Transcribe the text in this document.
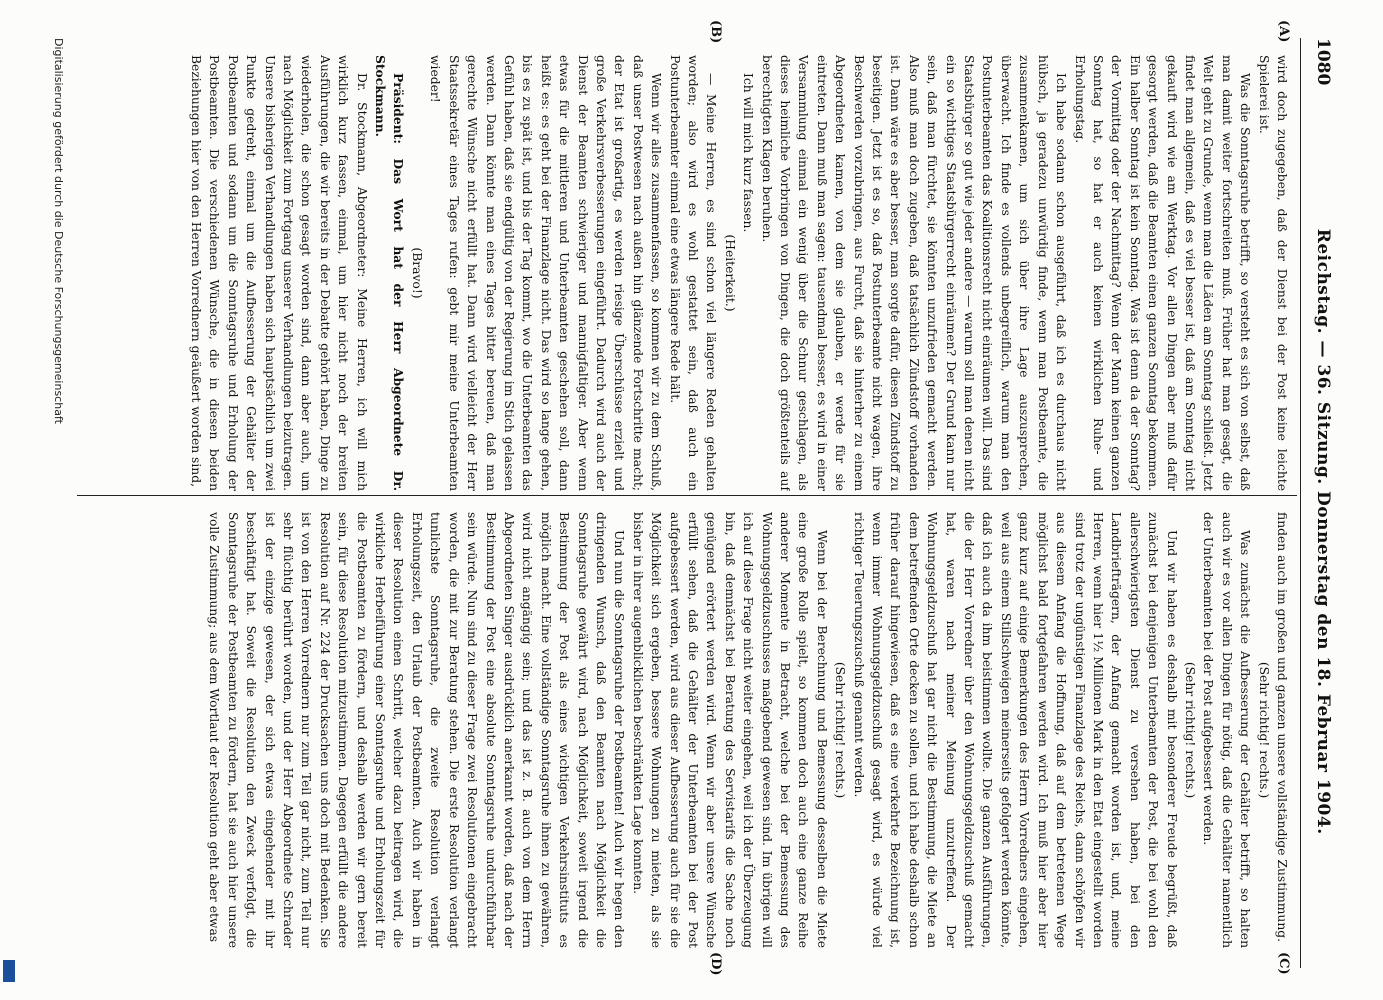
1080
Reichstag. — 36. Sitzung. Donnerstag den 18. Februar 1904.
(A)
(B)
(C)
(D)

wird doch zugegeben, daß der Dienst bei der Post keine leichte Spielerei ist.

Was die Sonntagsruhe betrifft, so versteht es sich von selbst, daß man damit weiter fortschreiten muß. Früher hat man gesagt, die Welt geht zu Grunde, wenn man die Läden am Sonntag schließt. Jetzt findet man allgemein, daß es viel besser ist, daß am Sonntag nicht gekauft wird wie am Werktag. Vor allen Dingen aber muß dafür gesorgt werden, daß die Beamten einen ganzen Sonntag bekommen. Ein halber Sonntag ist kein Sonntag. Was ist denn da der Sonntag? der Vormittag oder der Nachmittag? Wenn der Mann keinen ganzen Sonntag hat, so hat er auch keinen wirklichen Ruhe- und Erholungstag.

Ich habe sodann schon ausgeführt, daß ich es durchaus nicht hübsch, ja geradezu unwürdig finde, wenn man Postbeamte, die zusammenkamen, um sich über ihre Lage auszusprechen, überwacht. Ich finde es vollends unbegreiflich, warum man den Postunterbeamten das Koalitionsrecht nicht einräumen will. Das sind Staatsbürger so gut wie jeder andere — warum soll man denen nicht ein so wichtiges Staatsbürgerrecht einräumen? Der Grund kann nur sein, daß man fürchtet, sie könnten unzufrieden gemacht werden. Also muß man doch zugeben, daß tatsächlich Zündstoff vorhanden ist. Dann wäre es aber besser, man sorgte dafür, diesen Zündstoff zu beseitigen. Jetzt ist es so, daß Postunterbeamte nicht wagen, ihre Beschwerden vorzubringen, aus Furcht, daß sie hinterher zu einem Abgeordneten kamen, von dem sie glauben, er werde für sie eintreten. Dann muß man sagen: tausendmal besser, es wird in einer Versammlung einmal ein wenig über die Schnur geschlagen, als dieses heimliche Vorbringen von Dingen, die doch größtenteils auf berechtigten Klagen beruhen.

Ich will mich kurz fassen.

(Heiterkeit.)

— Meine Herren, es sind schon viel längere Reden gehalten worden; also wird es wohl gestattet sein, daß auch ein Postunterbeamter einmal eine etwas längere Rede hält.

Wenn wir alles zusammenfassen, so kommen wir zu dem Schluß, daß unser Postwesen nach außen hin glänzende Fortschritte macht; der Etat ist großartig, es werden riesige Überschüsse erzielt und große Verkehrsverbesserungen eingeführt. Dadurch wird auch der Dienst der Beamten schwieriger und mannigfaltiger. Aber wenn etwas für die mittleren und Unterbeamten geschehen soll, dann heißt es: es geht bei der Finanzlage nicht. Das wird so lange gehen, bis es zu spät ist, und bis der Tag kommt, wo die Unterbeamten das Gefühl haben, daß sie endgültig von der Regierung im Stich gelassen werden. Dann könnte man eines Tages bitter bereuen, daß man gerechte Wünsche nicht erfüllt hat. Dann wird vielleicht der Herr Staatssekretär eines Tages rufen: gebt mir meine Unterbeamten wieder!

(Bravo!)

Präsident: Das Wort hat der Herr Abgeordnete Dr. Stockmann.

Dr. Stockmann, Abgeordneter: Meine Herren, ich will mich wirklich kurz fassen, einmal, um hier nicht noch der breiten Ausführungen, die wir bereits in der Debatte gehört haben, Dinge zu wiederholen, die schon gesagt worden sind, dann aber auch, um nach Möglichkeit zum Fortgang unserer Verhandlungen beizutragen. Unsere bisherigen Verhandlungen haben sich hauptsächlich um zwei Punkte gedreht, einmal um die Aufbesserung der Gehälter der Postbeamten und sodann um die Sonntagsruhe und Erholung der Postbeamten. Die verschiedenen Wünsche, die in diesen beiden Beziehungen hier von den Herren Vorrednern geäußert worden sind,

finden auch im großen und ganzen unsere vollständige Zustimmung.

(Sehr richtig! rechts.)

Was zunächst die Aufbesserung der Gehälter betrifft, so halten auch wir es vor allen Dingen für nötig, daß die Gehälter namentlich der Unterbeamten bei der Post aufgebessert werden.

(Sehr richtig! rechts.)

Und wir haben es deshalb mit besonderer Freude begrüßt, daß zunächst bei denjenigen Unterbeamten der Post, die bei wohl den allerschwierigsten Dienst zu versehen haben, bei den Landbriefträgern, der Anfang gemacht worden ist, und, meine Herren, wenn hier 1½ Millionen Mark in den Etat eingestellt worden sind trotz der ungünstigen Finanzlage des Reichs, dann schöpfen wir aus diesem Anfang die Hoffnung, daß auf dem betretenen Wege möglichst bald fortgefahren werden wird. Ich muß hier aber hier ganz kurz auf einige Bemerkungen des Herrn Vorredners eingehen, weil aus einem Stillschweigen meinerseits gefolgert werden könnte, daß ich auch da ihm beistimmen wollte. Die ganzen Ausführungen, die der Herr Vorredner über den Wohnungsgeldzuschuß gemacht hat, waren nach meiner Meinung unzutreffend. Der Wohnungsgeldzuschuß hat gar nicht die Bestimmung, die Miete an dem betreffenden Orte decken zu sollen, und ich habe deshalb schon früher darauf hingewiesen, daß es eine verkehrte Bezeichnung ist, wenn immer Wohnungsgeldzuschuß gesagt wird, es würde viel richtiger Teuerungszuschuß genannt werden.

(Sehr richtig! rechts.)

Wenn bei der Berechnung und Bemessung desselben die Miete eine große Rolle spielt, so kommen doch auch eine ganze Reihe anderer Momente in Betracht, welche bei der Bemessung des Wohnungsgeldzuschusses maßgebend gewesen sind. Im übrigen will ich auf diese Frage nicht weiter eingehen, weil ich der Überzeugung bin, daß demnächst bei Beratung des Servistarifs die Sache noch genügend erörtert werden wird. Wenn wir aber unsere Wünsche erfüllt sehen, daß die Gehälter der Unterbeamten bei der Post aufgebessert werden, wird aus dieser Aufbesserung auch für sie die Möglichkeit sich ergeben, bessere Wohnungen zu mieten, als sie bisher in ihrer augenblicklichen beschränkten Lage konnten.

Und nun die Sonntagsruhe der Postbeamten! Auch wir hegen den dringenden Wunsch, daß den Beamten nach Möglichkeit die Sonntagsruhe gewährt wird, nach Möglichkeit, soweit irgend die Bestimmung der Post als eines wichtigen Verkehrsinstituts es möglich macht. Eine vollständige Sonntagsruhe ihnen zu gewähren, wird nicht angängig sein; und das ist z. B. auch von dem Herrn Abgeordneten Singer ausdrücklich anerkannt worden, daß nach der Bestimmung der Post eine absolute Sonntagsruhe undurchführbar sein würde. Nun sind zu dieser Frage zwei Resolutionen eingebracht worden, die mit zur Beratung stehen. Die erste Resolution verlangt tunlichste Sonntagsruhe, die zweite Resolution verlangt Erholungszeit, den Urlaub der Postbeamten. Auch wir haben in dieser Resolution einen Schritt, welcher dazu beitragen wird, die wirkliche Herbeiführung einer Sonntagsruhe und Erholungszeit für die Postbeamten zu fördern, und deshalb werden wir gern bereit sein, für diese Resolution mitzustimmen. Dagegen erfüllt die andere Resolution auf Nr. 224 der Drucksachen uns doch mit Bedenken. Sie ist von den Herren Vorrednern nur zum Teil gar nicht, zum Teil nur sehr flüchtig berührt worden, und der Herr Abgeordnete Schrader ist der einzige gewesen, der sich etwas eingehender mit ihr beschäftigt hat. Soweit die Resolution den Zweck verfolgt, die Sonntagsruhe der Postbeamten zu fördern, hat sie auch hier unsere volle Zustimmung; aus dem Wortlaut der Resolution geht aber etwas

Digitalisierung gefördert durch die Deutsche Forschungsgemeinschaft
